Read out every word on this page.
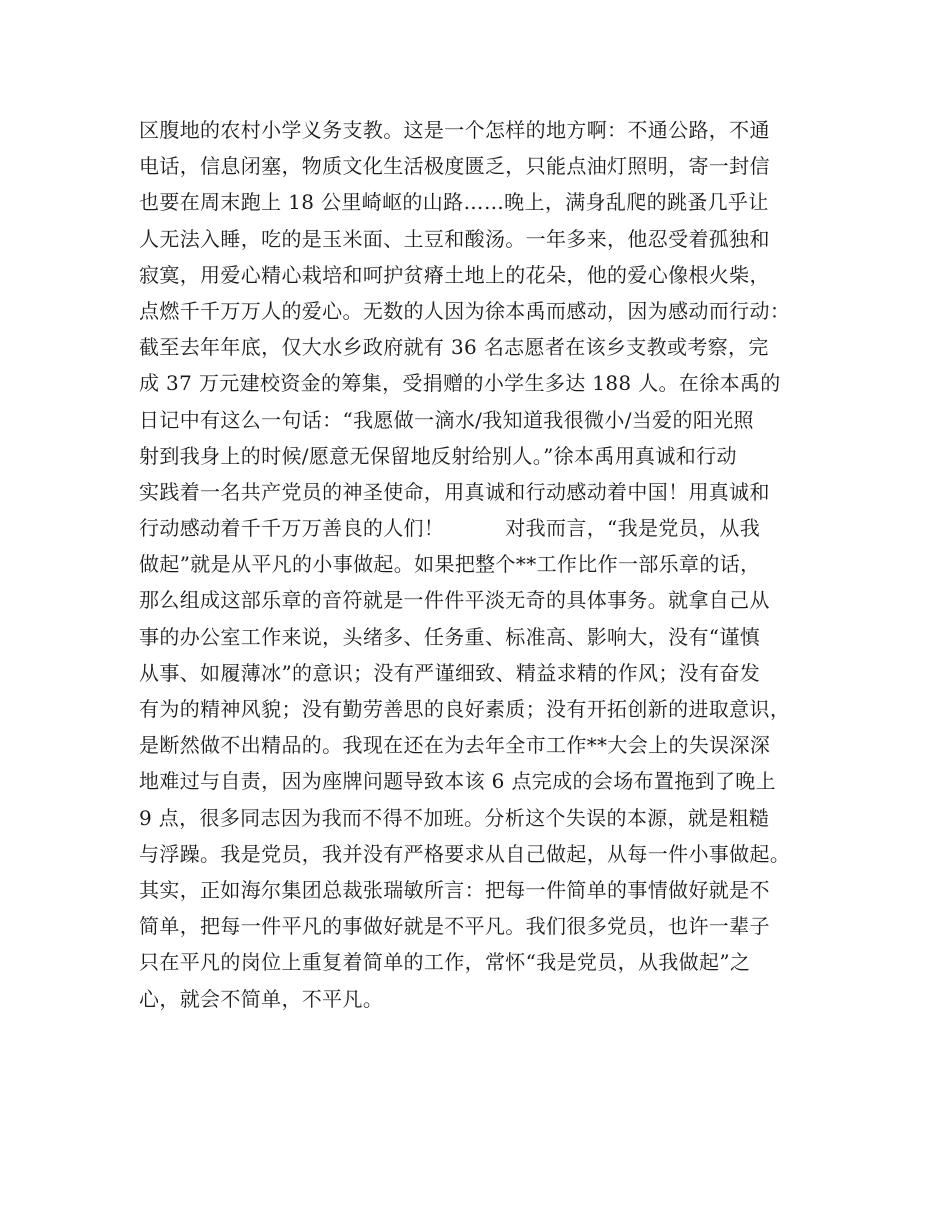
区腹地的农村小学义务支教。这是一个怎样的地方啊：不通公路，不通
电话，信息闭塞，物质文化生活极度匮乏，只能点油灯照明，寄一封信
也要在周末跑上 18 公里崎岖的山路……晚上，满身乱爬的跳蚤几乎让
人无法入睡，吃的是玉米面、土豆和酸汤。一年多来，他忍受着孤独和
寂寞，用爱心精心栽培和呵护贫瘠土地上的花朵，他的爱心像根火柴，
点燃千千万万人的爱心。无数的人因为徐本禹而感动，因为感动而行动：
截至去年年底，仅大水乡政府就有 36 名志愿者在该乡支教或考察，完
成 37 万元建校资金的筹集，受捐赠的小学生多达 188 人。在徐本禹的
日记中有这么一句话：“我愿做一滴水/我知道我很微小/当爱的阳光照
射到我身上的时候/愿意无保留地反射给别人。”徐本禹用真诚和行动
实践着一名共产党员的神圣使命，用真诚和行动感动着中国！用真诚和
行动感动着千千万万善良的人们！　　　对我而言，“我是党员，从我
做起”就是从平凡的小事做起。如果把整个**工作比作一部乐章的话，
那么组成这部乐章的音符就是一件件平淡无奇的具体事务。就拿自己从
事的办公室工作来说，头绪多、任务重、标准高、影响大，没有“谨慎
从事、如履薄冰”的意识；没有严谨细致、精益求精的作风；没有奋发
有为的精神风貌；没有勤劳善思的良好素质；没有开拓创新的进取意识，
是断然做不出精品的。我现在还在为去年全市工作**大会上的失误深深
地难过与自责，因为座牌问题导致本该 6 点完成的会场布置拖到了晚上
9 点，很多同志因为我而不得不加班。分析这个失误的本源，就是粗糙
与浮躁。我是党员，我并没有严格要求从自己做起，从每一件小事做起。
其实，正如海尔集团总裁张瑞敏所言：把每一件简单的事情做好就是不
简单，把每一件平凡的事做好就是不平凡。我们很多党员，也许一辈子
只在平凡的岗位上重复着简单的工作，常怀“我是党员，从我做起”之
心，就会不简单，不平凡。
